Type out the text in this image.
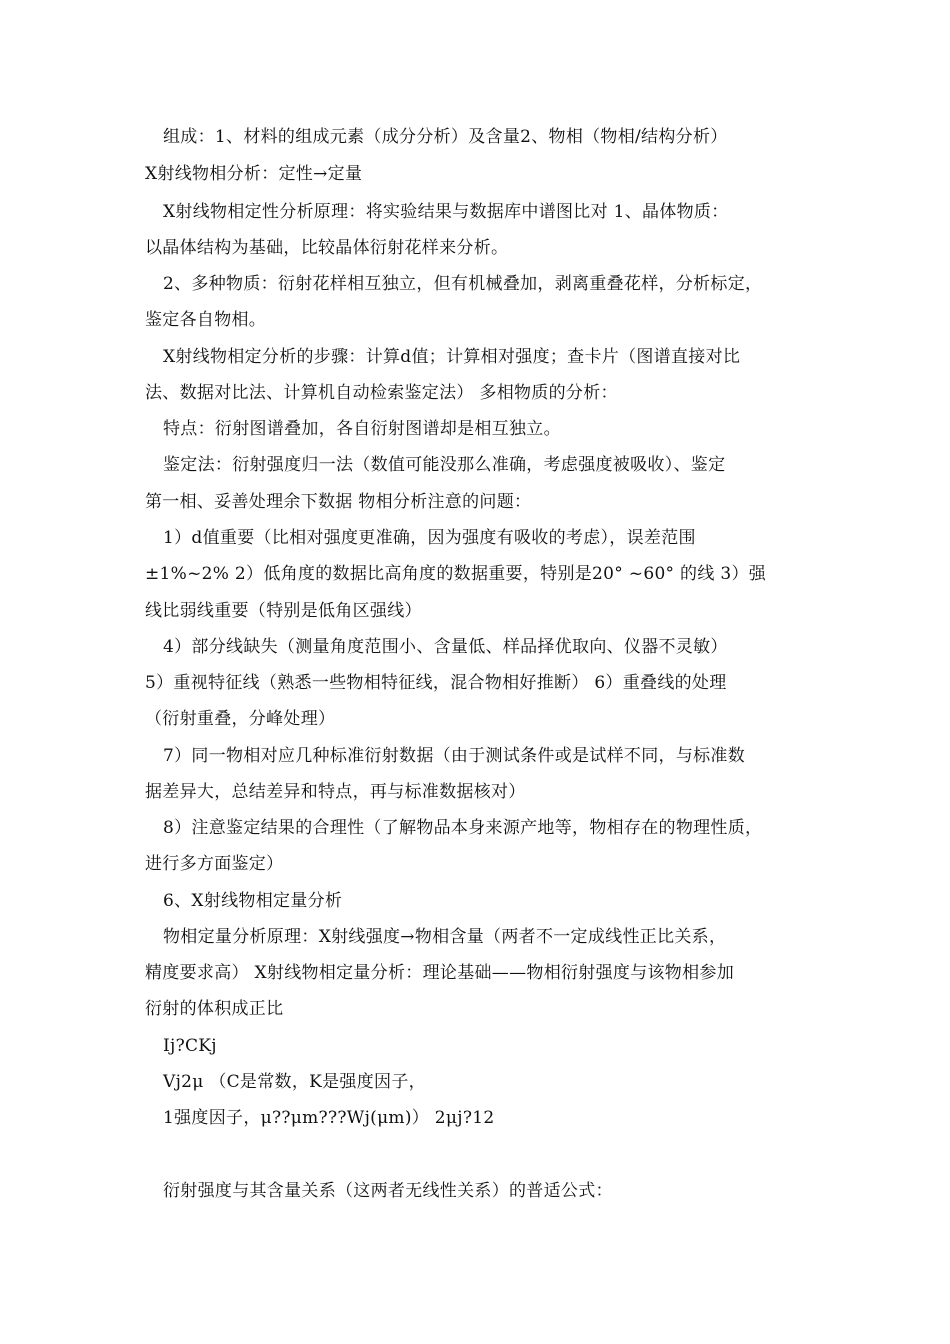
组成：1、材料的组成元素（成分分析）及含量2、物相（物相/结构分析）
X射线物相分析：定性→定量
X射线物相定性分析原理：将实验结果与数据库中谱图比对 1、晶体物质：
以晶体结构为基础，比较晶体衍射花样来分析。
2、多种物质：衍射花样相互独立，但有机械叠加，剥离重叠花样，分析标定，
鉴定各自物相。
X射线物相定分析的步骤：计算d值；计算相对强度；查卡片（图谱直接对比
法、数据对比法、计算机自动检索鉴定法） 多相物质的分析：
特点：衍射图谱叠加，各自衍射图谱却是相互独立。
鉴定法：衍射强度归一法（数值可能没那么准确，考虑强度被吸收）、鉴定
第一相、妥善处理余下数据 物相分析注意的问题：
1）d值重要（比相对强度更准确，因为强度有吸收的考虑），误差范围
±1%~2% 2）低角度的数据比高角度的数据重要，特别是20° ~60° 的线 3）强
线比弱线重要（特别是低角区强线）
4）部分线缺失（测量角度范围小、含量低、样品择优取向、仪器不灵敏）
5）重视特征线（熟悉一些物相特征线，混合物相好推断） 6）重叠线的处理
（衍射重叠，分峰处理）
7）同一物相对应几种标准衍射数据（由于测试条件或是试样不同，与标准数
据差异大，总结差异和特点，再与标准数据核对）
8）注意鉴定结果的合理性（了解物品本身来源产地等，物相存在的物理性质，
进行多方面鉴定）
6、X射线物相定量分析
物相定量分析原理：X射线强度→物相含量（两者不一定成线性正比关系，
精度要求高） X射线物相定量分析：理论基础——物相衍射强度与该物相参加
衍射的体积成正比
Ij?CKj
Vj2μ （C是常数，K是强度因子，
1强度因子，μ??μm???Wj(μm)） 2μj?12
衍射强度与其含量关系（这两者无线性关系）的普适公式：
